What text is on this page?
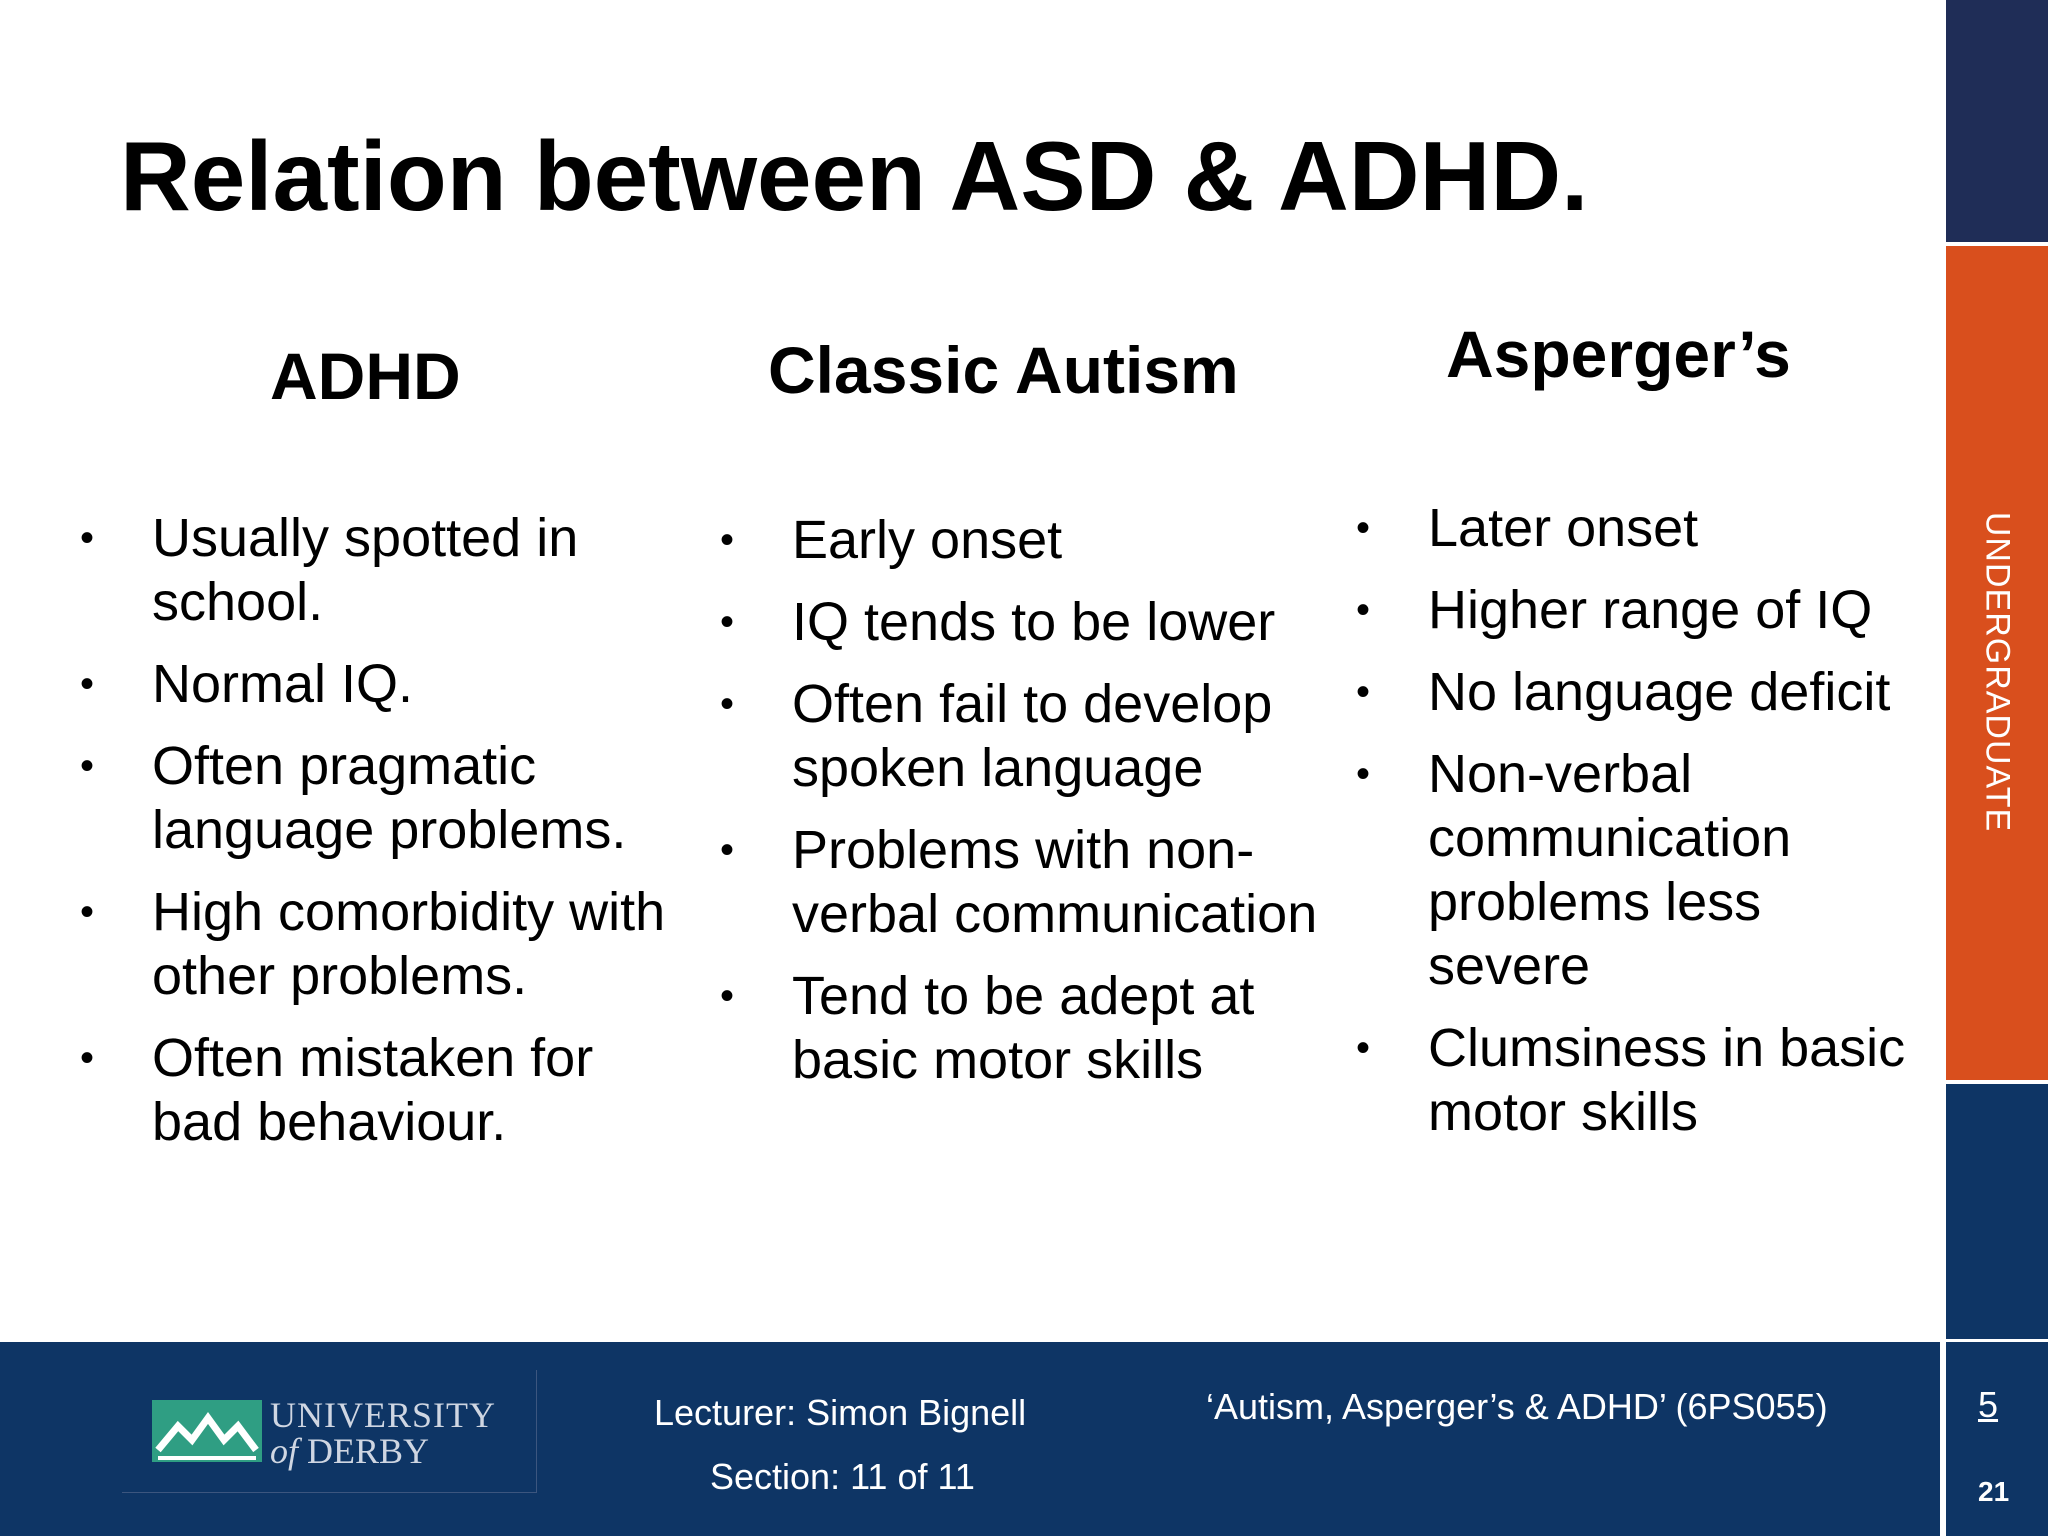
UNDERGRADUATE
Relation between ASD & ADHD.
ADHD
• Usually spotted in school.
• Normal IQ.
• Often pragmatic language problems.
• High comorbidity with other problems.
• Often mistaken for bad behaviour.
Classic Autism
• Early onset
• IQ tends to be lower
• Often fail to develop spoken language
• Problems with non-verbal communication
• Tend to be adept at basic motor skills
Asperger’s
• Later onset
• Higher range of IQ
• No language deficit
• Non-verbal communication problems less severe
• Clumsiness in basic motor skills
UNIVERSITY
of DERBY
Lecturer: Simon Bignell
Section: 11 of 11
‘Autism, Asperger’s & ADHD’ (6PS055)	5
21
